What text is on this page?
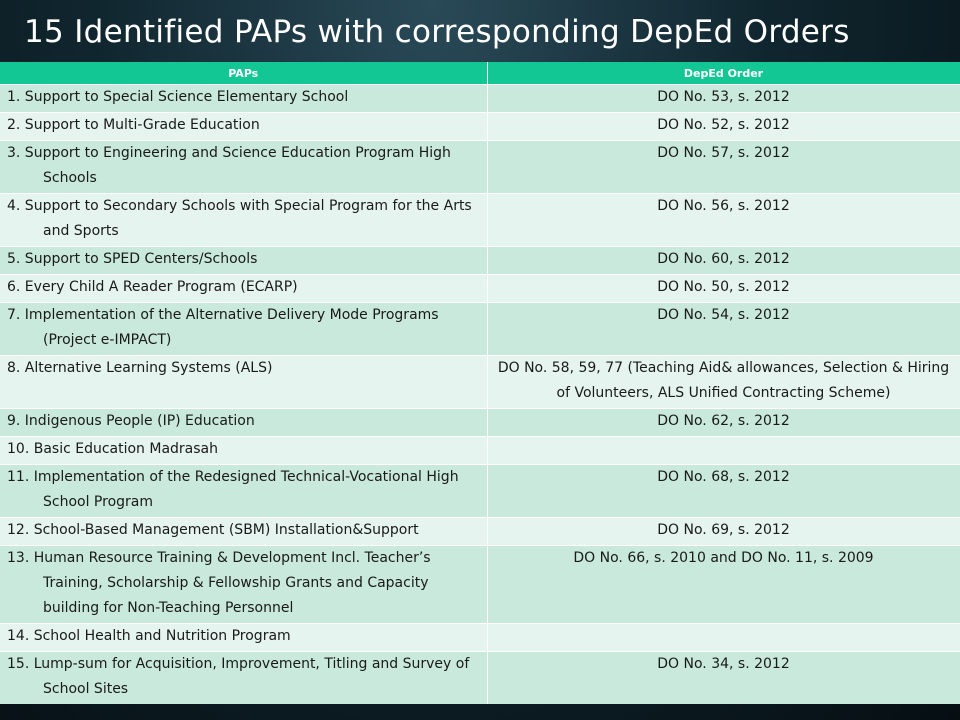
15 Identified PAPs with corresponding DepEd Orders
PAPs	DepEd Order
1. Support to Special Science Elementary School	DO No. 53, s. 2012
2. Support to Multi-Grade Education	DO No. 52, s. 2012
3. Support to Engineering and Science Education Program High Schools	DO No. 57, s. 2012
4. Support to Secondary Schools with Special Program for the Arts and Sports	DO No. 56, s. 2012
5. Support to SPED Centers/Schools	DO No. 60, s. 2012
6. Every Child A Reader Program (ECARP)	DO No. 50, s. 2012
7. Implementation of the Alternative Delivery Mode Programs (Project e-IMPACT)	DO No. 54, s. 2012
8. Alternative Learning Systems (ALS)	DO No. 58, 59, 77 (Teaching Aid& allowances, Selection & Hiring of Volunteers, ALS Unified Contracting Scheme)
9. Indigenous People (IP) Education	DO No. 62, s. 2012
10. Basic Education Madrasah	
11. Implementation of the Redesigned Technical-Vocational High School Program	DO No. 68, s. 2012
12. School-Based Management (SBM) Installation&Support	DO No. 69, s. 2012
13. Human Resource Training & Development Incl. Teacher’s Training, Scholarship & Fellowship Grants and Capacity building for Non-Teaching Personnel	DO No. 66, s. 2010 and DO No. 11, s. 2009
14. School Health and Nutrition Program	
15. Lump-sum for Acquisition, Improvement, Titling and Survey of School Sites	DO No. 34, s. 2012
